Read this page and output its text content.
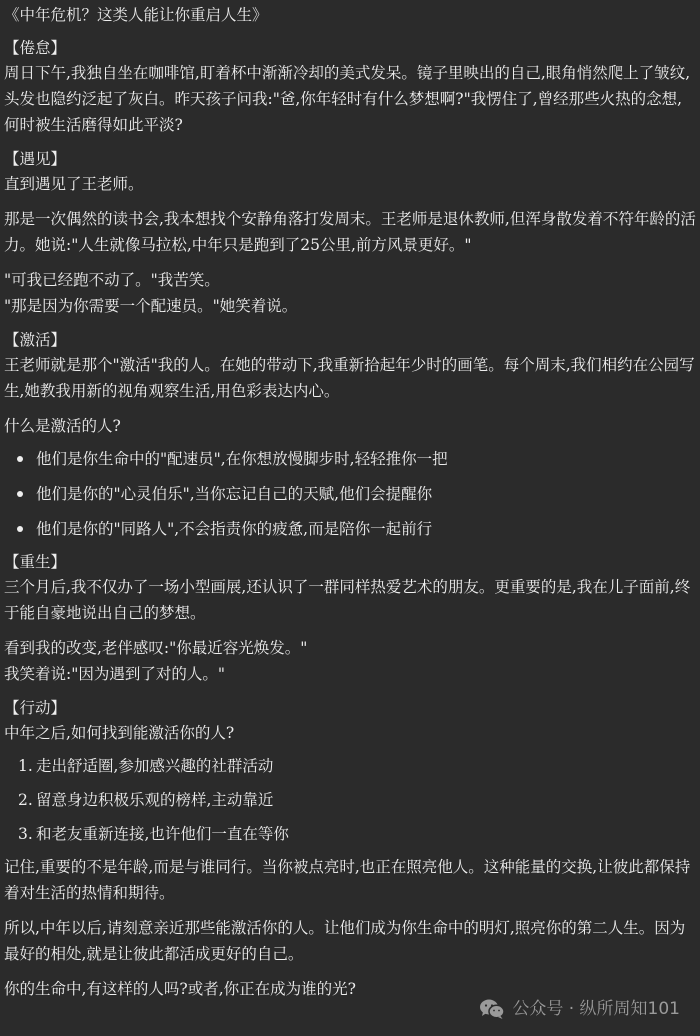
《中年危机？这类人能让你重启人生》

【倦怠】

周日下午,我独自坐在咖啡馆,盯着杯中渐渐冷却的美式发呆。镜子里映出的自己,眼角悄然爬上了皱纹,头发也隐约泛起了灰白。昨天孩子问我:"爸,你年轻时有什么梦想啊?"我愣住了,曾经那些火热的念想,何时被生活磨得如此平淡?

【遇见】

直到遇见了王老师。

那是一次偶然的读书会,我本想找个安静角落打发周末。王老师是退休教师,但浑身散发着不符年龄的活力。她说:"人生就像马拉松,中年只是跑到了25公里,前方风景更好。"

"可我已经跑不动了。"我苦笑。

"那是因为你需要一个配速员。"她笑着说。

【激活】

王老师就是那个"激活"我的人。在她的带动下,我重新拾起年少时的画笔。每个周末,我们相约在公园写生,她教我用新的视角观察生活,用色彩表达内心。

什么是激活的人?

他们是你生命中的"配速员",在你想放慢脚步时,轻轻推你一把
他们是你的"心灵伯乐",当你忘记自己的天赋,他们会提醒你
他们是你的"同路人",不会指责你的疲惫,而是陪你一起前行

【重生】

三个月后,我不仅办了一场小型画展,还认识了一群同样热爱艺术的朋友。更重要的是,我在儿子面前,终于能自豪地说出自己的梦想。

看到我的改变,老伴感叹:"你最近容光焕发。"

我笑着说:"因为遇到了对的人。"

【行动】

中年之后,如何找到能激活你的人?

1. 走出舒适圈,参加感兴趣的社群活动
2. 留意身边积极乐观的榜样,主动靠近
3. 和老友重新连接,也许他们一直在等你

记住,重要的不是年龄,而是与谁同行。当你被点亮时,也正在照亮他人。这种能量的交换,让彼此都保持着对生活的热情和期待。

所以,中年以后,请刻意亲近那些能激活你的人。让他们成为你生命中的明灯,照亮你的第二人生。因为最好的相处,就是让彼此都活成更好的自己。

你的生命中,有这样的人吗?或者,你正在成为谁的光?

公众号 · 纵所周知101
